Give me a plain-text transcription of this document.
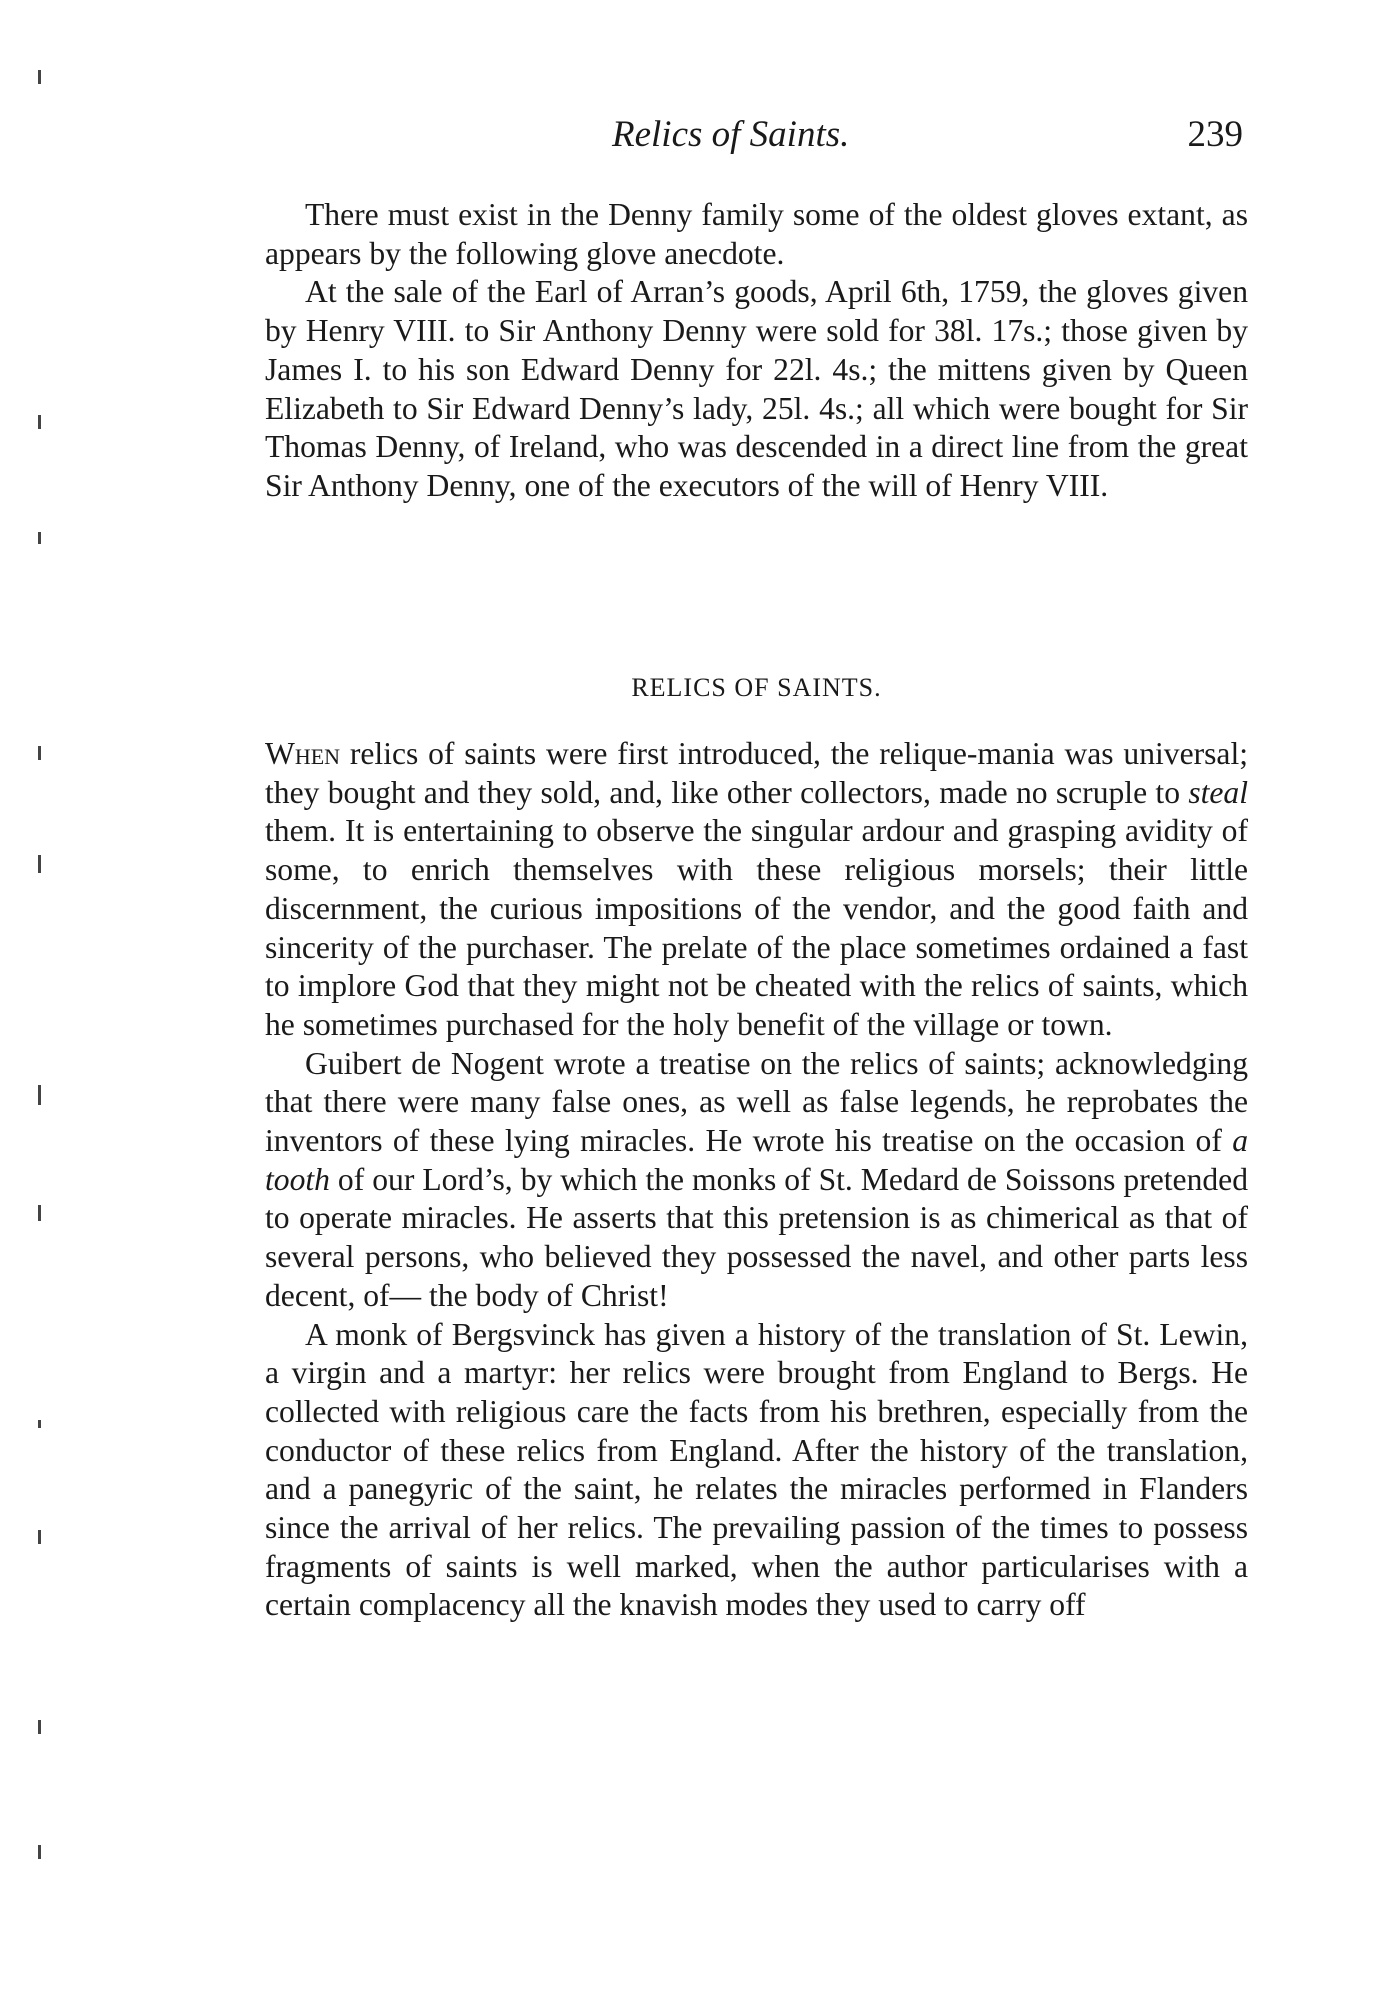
Relics of Saints.	239

There must exist in the Denny family some of the oldest gloves extant, as appears by the following glove anecdote.

At the sale of the Earl of Arran’s goods, April 6th, 1759, the gloves given by Henry VIII. to Sir Anthony Denny were sold for 38l. 17s.; those given by James I. to his son Edward Denny for 22l. 4s.; the mittens given by Queen Elizabeth to Sir Edward Denny’s lady, 25l. 4s.; all which were bought for Sir Thomas Denny, of Ireland, who was descended in a direct line from the great Sir Anthony Denny, one of the executors of the will of Henry VIII.

RELICS OF SAINTS.

When relics of saints were first introduced, the relique-mania was universal; they bought and they sold, and, like other collectors, made no scruple to steal them. It is entertaining to observe the singular ardour and grasping avidity of some, to enrich themselves with these religious morsels; their little discernment, the curious impositions of the vendor, and the good faith and sincerity of the purchaser. The prelate of the place sometimes ordained a fast to implore God that they might not be cheated with the relics of saints, which he sometimes purchased for the holy benefit of the village or town.

Guibert de Nogent wrote a treatise on the relics of saints; acknowledging that there were many false ones, as well as false legends, he reprobates the inventors of these lying miracles. He wrote his treatise on the occasion of a tooth of our Lord’s, by which the monks of St. Medard de Soissons pretended to operate miracles. He asserts that this pretension is as chimerical as that of several persons, who believed they possessed the navel, and other parts less decent, of— the body of Christ!

A monk of Bergsvinck has given a history of the translation of St. Lewin, a virgin and a martyr: her relics were brought from England to Bergs. He collected with religious care the facts from his brethren, especially from the conductor of these relics from England. After the history of the translation, and a panegyric of the saint, he relates the miracles performed in Flanders since the arrival of her relics. The prevailing passion of the times to possess fragments of saints is well marked, when the author particularises with a certain complacency all the knavish modes they used to carry off
